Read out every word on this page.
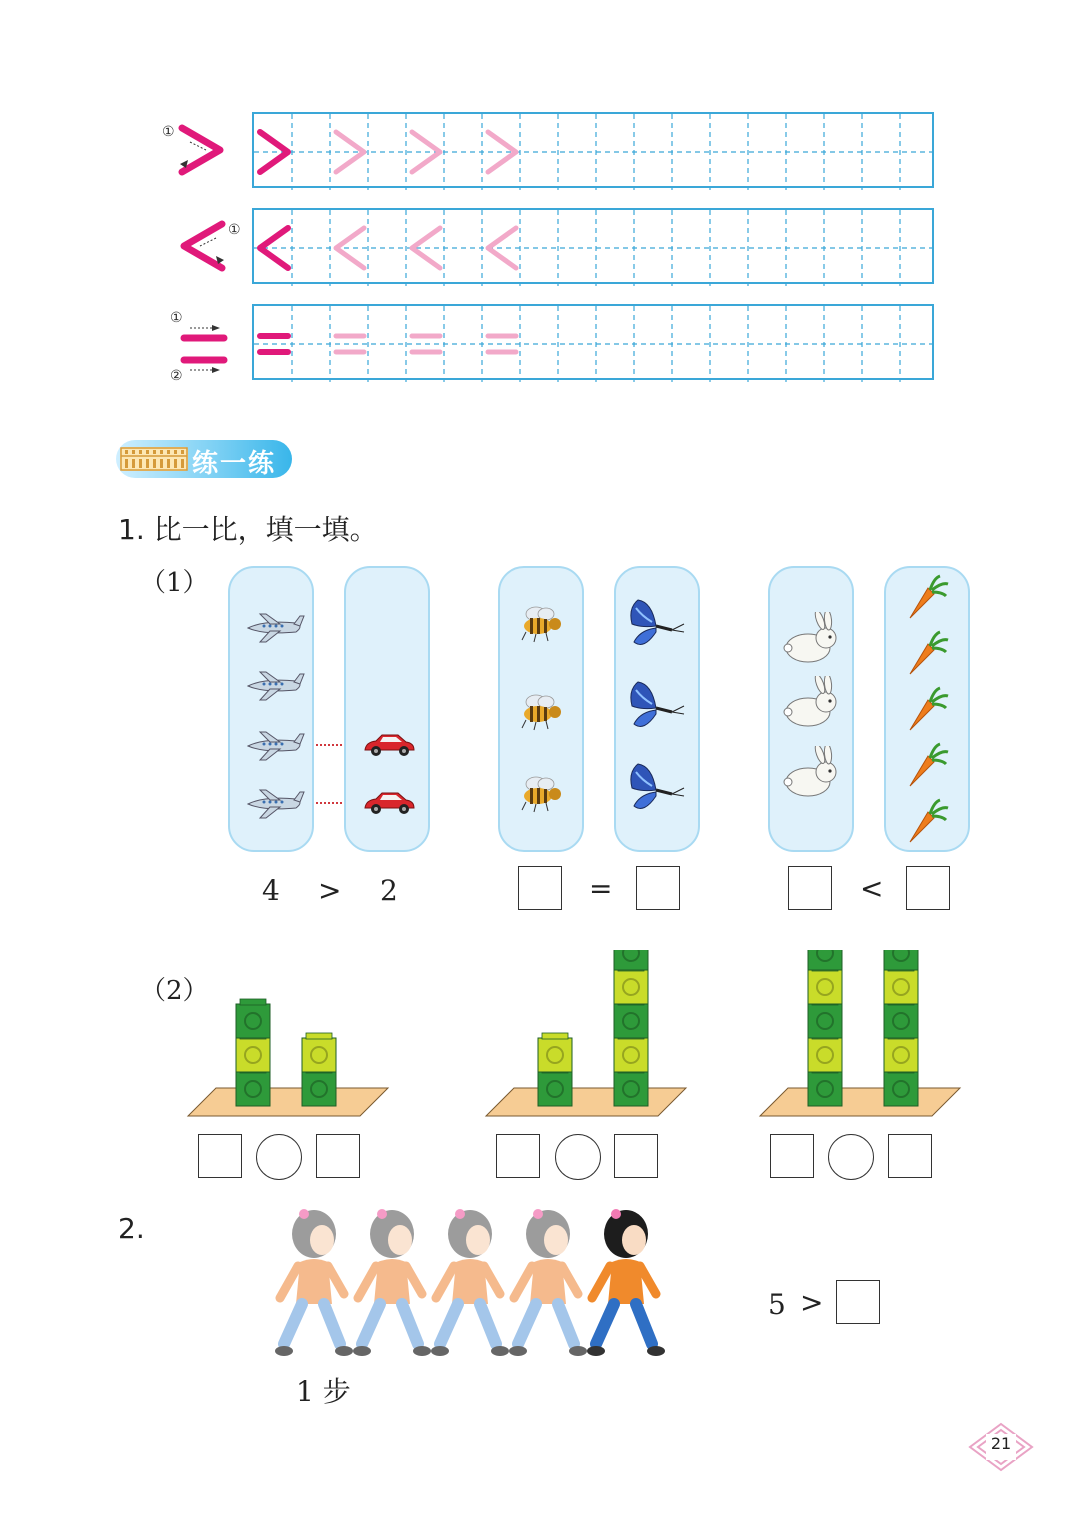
①
①
①
②
练一练
1. 比一比，填一填。
（1）
4 > 2	=	<
（2）
2.
1 步
5 >
21
